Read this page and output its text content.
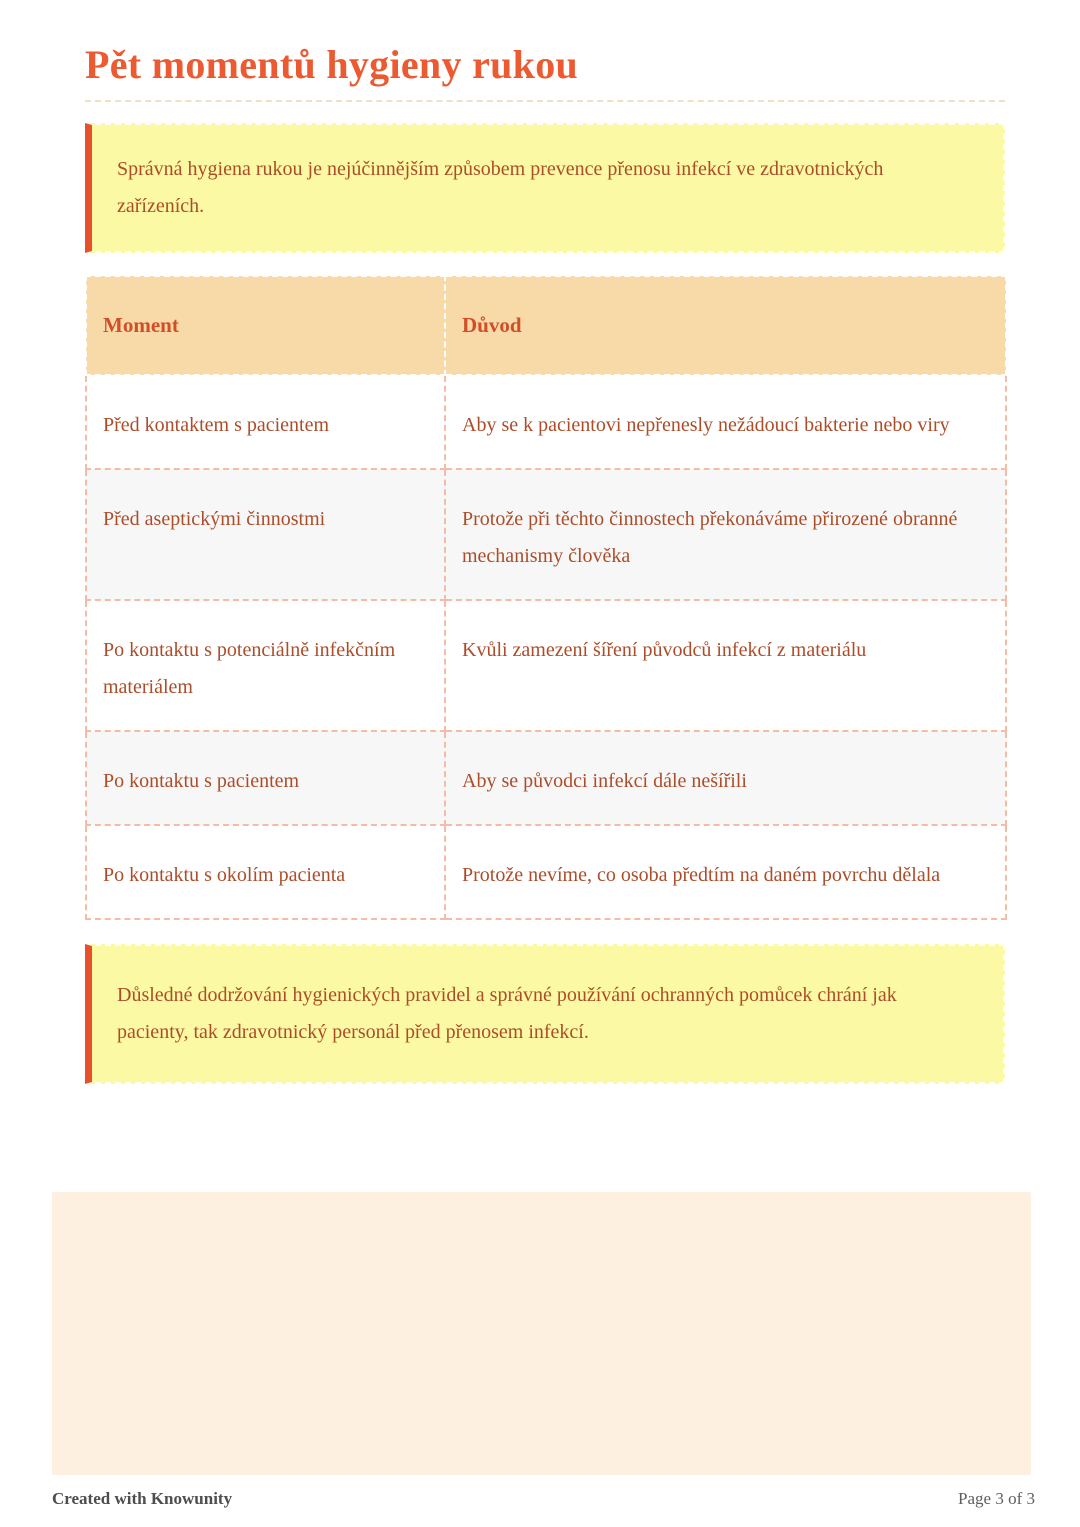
Pět momentů hygieny rukou

Správná hygiena rukou je nejúčinnějším způsobem prevence přenosu infekcí ve zdravotnických zařízeních.

Moment	Důvod
Před kontaktem s pacientem	Aby se k pacientovi nepřenesly nežádoucí bakterie nebo viry
Před aseptickými činnostmi	Protože při těchto činnostech překonáváme přirozené obranné mechanismy člověka
Po kontaktu s potenciálně infekčním materiálem	Kvůli zamezení šíření původců infekcí z materiálu
Po kontaktu s pacientem	Aby se původci infekcí dále nešířili
Po kontaktu s okolím pacienta	Protože nevíme, co osoba předtím na daném povrchu dělala

Důsledné dodržování hygienických pravidel a správné používání ochranných pomůcek chrání jak pacienty, tak zdravotnický personál před přenosem infekcí.

Created with Knowunity	Page 3 of 3
